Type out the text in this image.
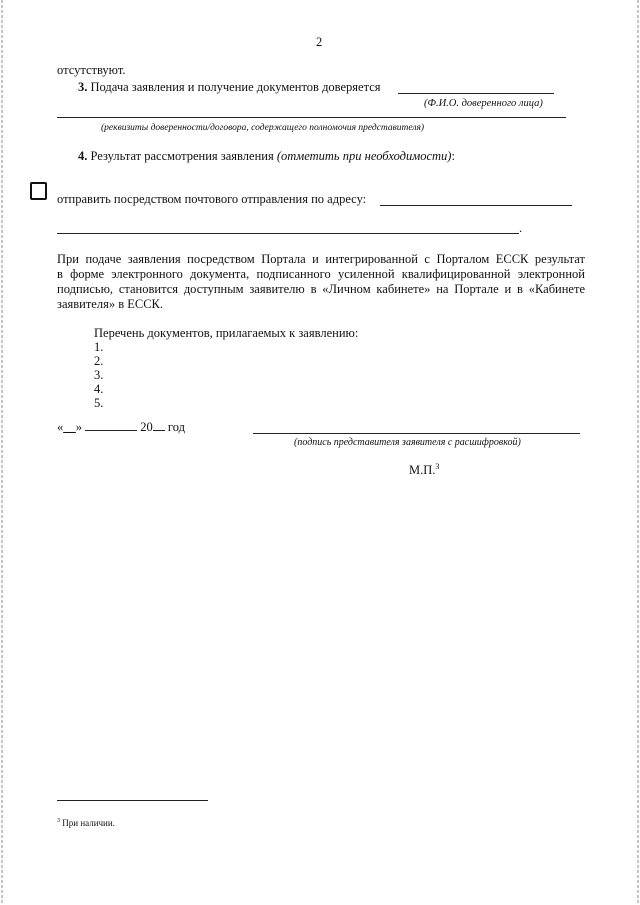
2
отсутствуют.
3. Подача заявления и получение документов доверяется
(Ф.И.О. доверенного лица)
(реквизиты доверенности/договора, содержащего полномочия представителя)
4. Результат рассмотрения заявления (отметить при необходимости):
отправить посредством почтового отправления по адресу:
.
При подаче заявления посредством Портала и интегрированной с Порталом ЕССК результат
в форме электронного документа, подписанного усиленной квалифицированной электронной
подписью, становится доступным заявителю в «Личном кабинете» на Портале и в «Кабинете
заявителя» в ЕССК.
Перечень документов, прилагаемых к заявлению:
1.
2.
3.
4.
5.
«__»	20 год
(подпись представителя заявителя с расшифровкой)
М.П.$^3$
$^3$ При наличии.
